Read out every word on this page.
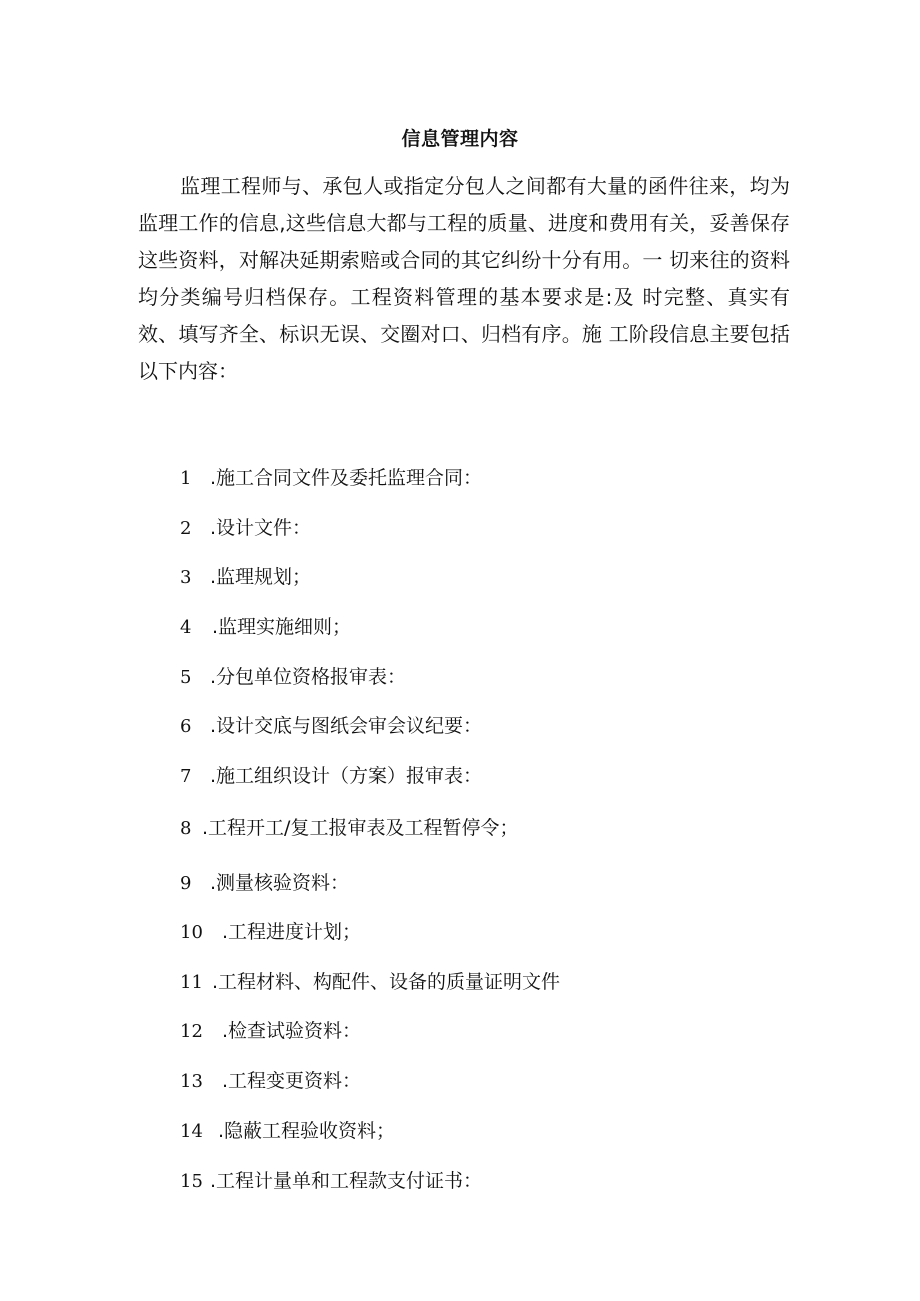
信息管理内容

监理工程师与、承包人或指定分包人之间都有大量的函件往来，均为监理工作的信息,这些信息大都与工程的质量、进度和费用有关，妥善保存这些资料，对解决延期索赔或合同的其它纠纷十分有用。一 切来往的资料均分类编号归档保存。工程资料管理的基本要求是:及 时完整、真实有效、填写齐全、标识无误、交圈对口、归档有序。施 工阶段信息主要包括以下内容：

1 .施工合同文件及委托监理合同：
2 .设计文件：
3 .监理规划；
4 .监理实施细则；
5 .分包单位资格报审表：
6 .设计交底与图纸会审会议纪要：
7 .施工组织设计（方案）报审表：
8 .工程开工/复工报审表及工程暂停令；
9 .测量核验资料：
10 .工程进度计划；
11 .工程材料、构配件、设备的质量证明文件
12 .检查试验资料：
13 .工程变更资料：
14 .隐蔽工程验收资料；
15 .工程计量单和工程款支付证书：
